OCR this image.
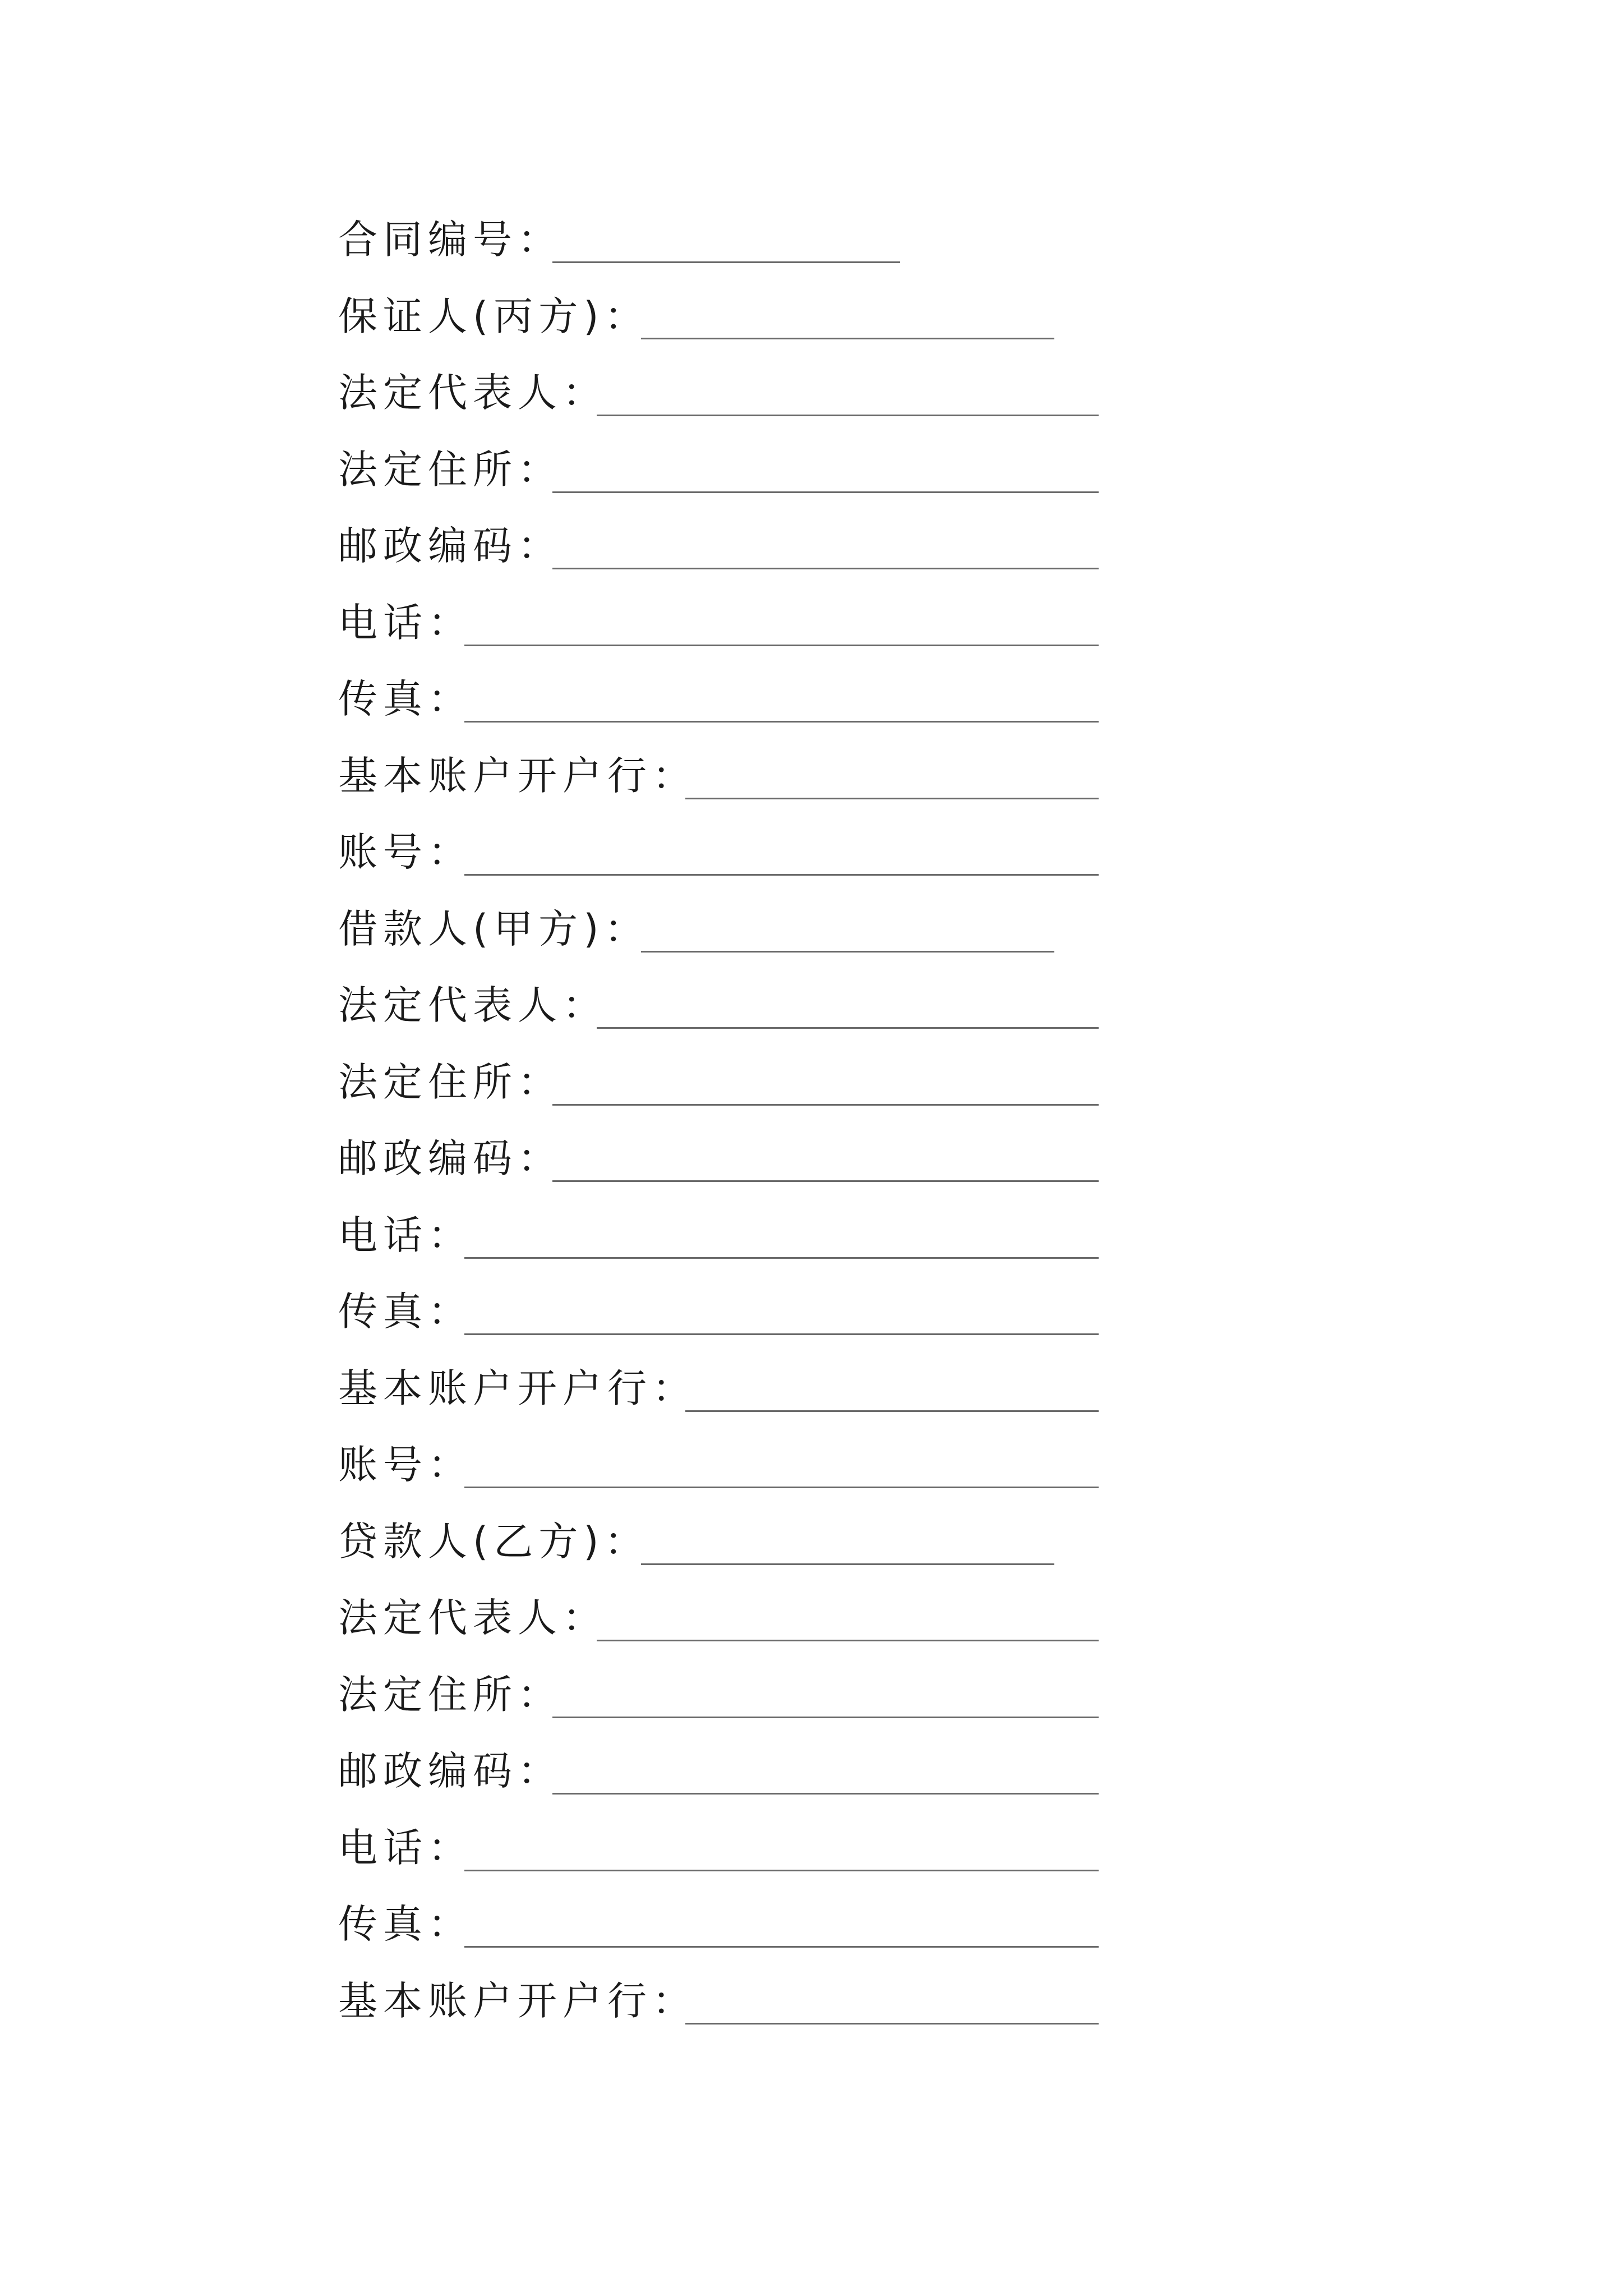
合同编号 ：
保证人(丙方) ：
法定代表人 ：
法定住所 ：
邮政编码 ：
电话 ：
传真 ：
基本账户开户行 ：
账号 ：
借款人(甲方) ：
法定代表人 ：
法定住所 ：
邮政编码 ：
电话 ：
传真 ：
基本账户开户行 ：
账号 ：
贷款人(乙方) ：
法定代表人 ：
法定住所 ：
邮政编码 ：
电话 ：
传真 ：
基本账户开户行 ：
